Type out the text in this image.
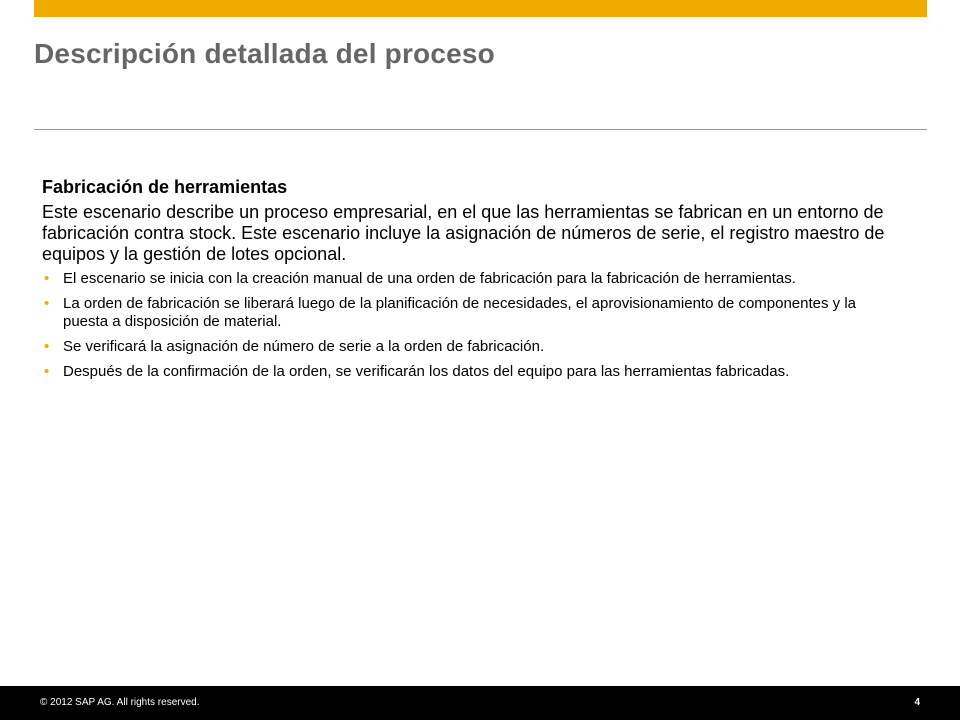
Descripción detallada del proceso

Fabricación de herramientas

Este escenario describe un proceso empresarial, en el que las herramientas se fabrican en un entorno de fabricación contra stock. Este escenario incluye la asignación de números de serie, el registro maestro de equipos y la gestión de lotes opcional.

• El escenario se inicia con la creación manual de una orden de fabricación para la fabricación de herramientas.
• La orden de fabricación se liberará luego de la planificación de necesidades, el aprovisionamiento de componentes y la puesta a disposición de material.
• Se verificará la asignación de número de serie a la orden de fabricación.
• Después de la confirmación de la orden, se verificarán los datos del equipo para las herramientas fabricadas.
© 2012 SAP AG. All rights reserved.	4
